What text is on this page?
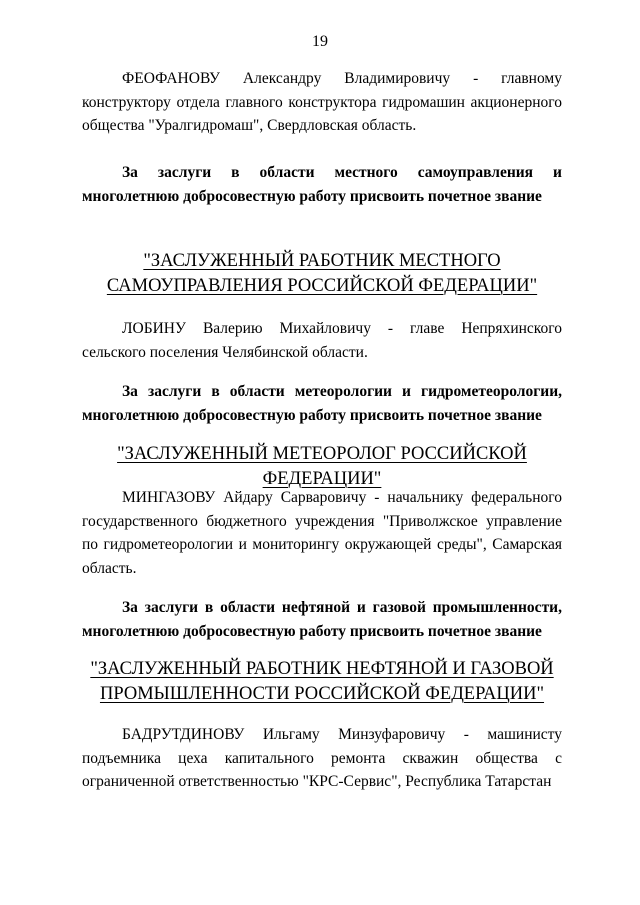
19

ФЕОФАНОВУ Александру Владимировичу - главному конструктору отдела главного конструктора гидромашин акционерного общества "Уралгидромаш", Свердловская область.

За заслуги в области местного самоуправления и многолетнюю добросовестную работу присвоить почетное звание

"ЗАСЛУЖЕННЫЙ РАБОТНИК МЕСТНОГО САМОУПРАВЛЕНИЯ РОССИЙСКОЙ ФЕДЕРАЦИИ"

ЛОБИНУ Валерию Михайловичу - главе Непряхинского сельского поселения Челябинской области.

За заслуги в области метеорологии и гидрометеорологии, многолетнюю добросовестную работу присвоить почетное звание

"ЗАСЛУЖЕННЫЙ МЕТЕОРОЛОГ РОССИЙСКОЙ ФЕДЕРАЦИИ"

МИНГАЗОВУ Айдару Сарваровичу - начальнику федерального государственного бюджетного учреждения "Приволжское управление по гидрометеорологии и мониторингу окружающей среды", Самарская область.

За заслуги в области нефтяной и газовой промышленности, многолетнюю добросовестную работу присвоить почетное звание

"ЗАСЛУЖЕННЫЙ РАБОТНИК НЕФТЯНОЙ И ГАЗОВОЙ ПРОМЫШЛЕННОСТИ РОССИЙСКОЙ ФЕДЕРАЦИИ"

БАДРУТДИНОВУ Ильгаму Минзуфаровичу - машинисту подъемника цеха капитального ремонта скважин общества с ограниченной ответственностью "КРС-Сервис", Республика Татарстан
